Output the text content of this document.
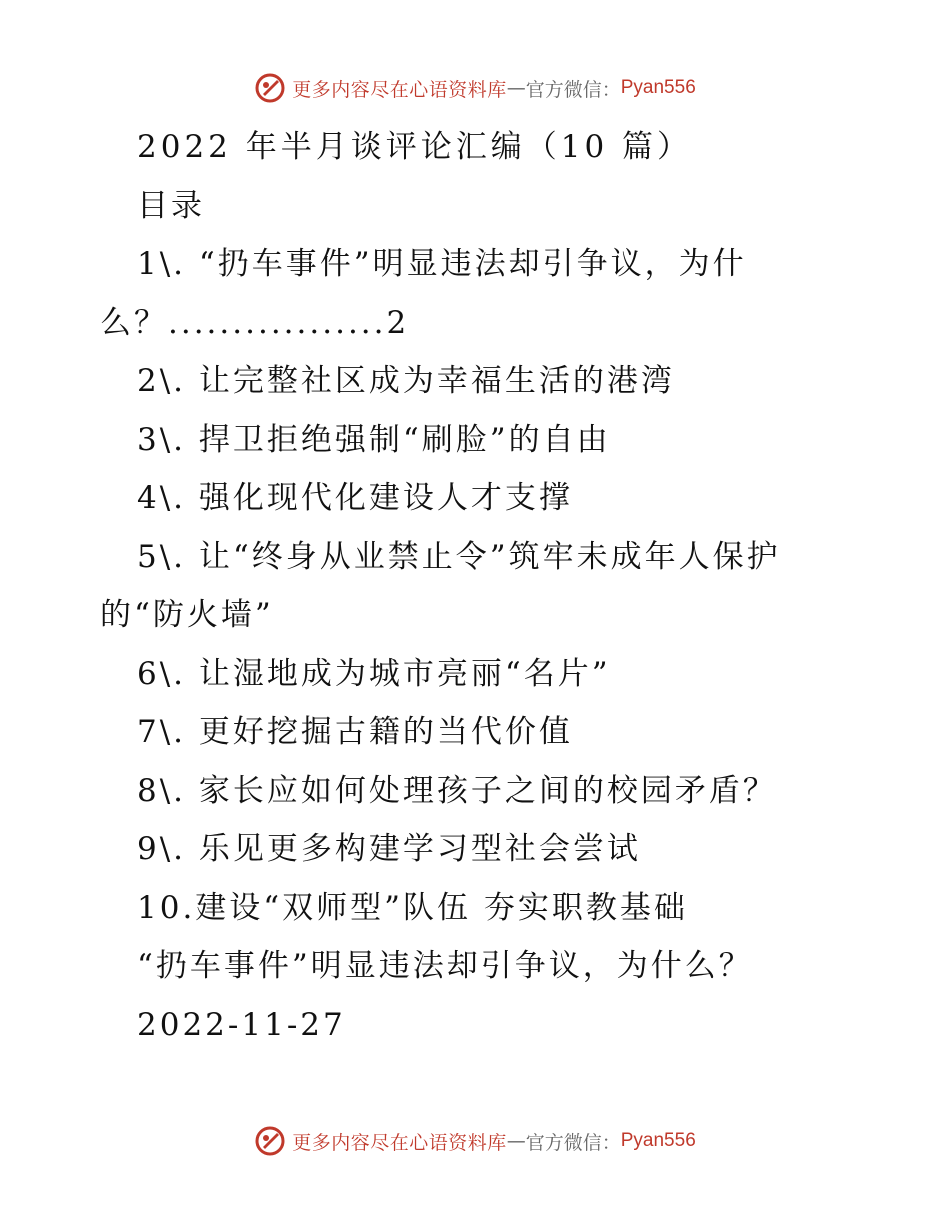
更多内容尽在心语资料库 — 官方微信： Pyan556
2022 年半月谈评论汇编（10 篇）
目录
1\. “扔车事件”明显违法却引争议，为什
么？.................2
2\. 让完整社区成为幸福生活的港湾
3\. 捍卫拒绝强制“刷脸”的自由
4\. 强化现代化建设人才支撑
5\. 让“终身从业禁止令”筑牢未成年人保护
的“防火墙”
6\. 让湿地成为城市亮丽“名片”
7\. 更好挖掘古籍的当代价值
8\. 家长应如何处理孩子之间的校园矛盾？
9\. 乐见更多构建学习型社会尝试
10.建设“双师型”队伍 夯实职教基础
“扔车事件”明显违法却引争议，为什么？
2022-11-27
更多内容尽在心语资料库 — 官方微信： Pyan556
